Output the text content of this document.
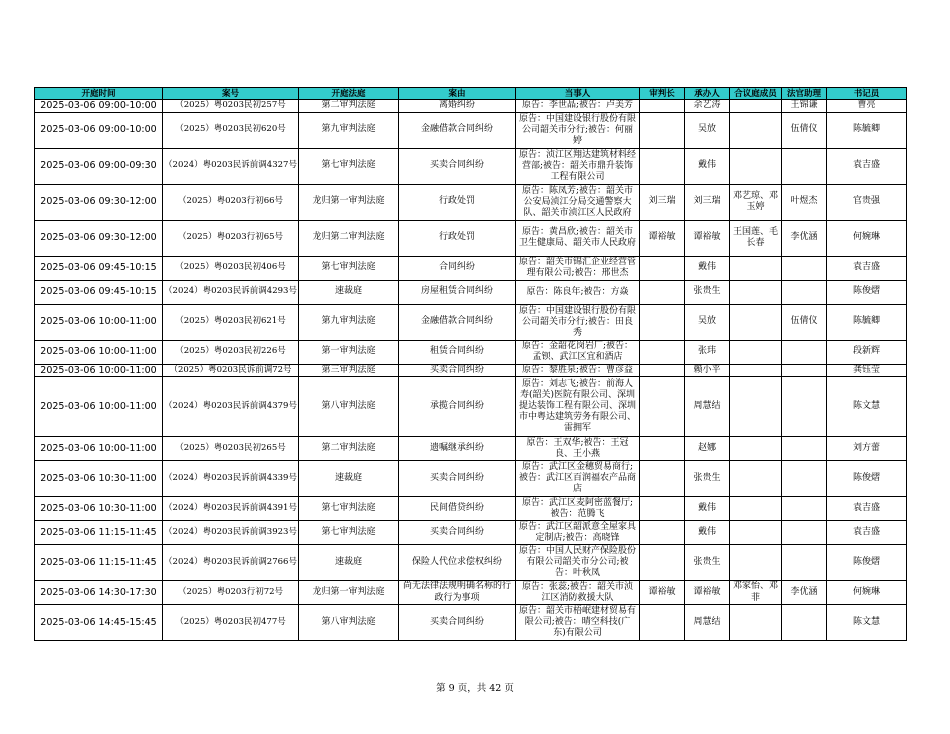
开庭时间	案号	开庭法庭	案由	当事人	审判长	承办人	合议庭成员	法官助理	书记员
2025-03-06 09:00-10:00	（2025）粤0203民初257号	第二审判法庭	离婚纠纷	原告：李世晶;被告：卢美芳		余艺涛		王锦谦	曹亮
2025-03-06 09:00-10:00	（2025）粤0203民初620号	第九审判法庭	金融借款合同纠纷	原告：中国建设银行股份有限公司韶关市分行;被告：何丽婷		吴放		伍倩仪	陈毓卿
2025-03-06 09:00-09:30	（2024）粤0203民诉前调4327号	第七审判法庭	买卖合同纠纷	原告：浈江区翔达建筑材料经营部;被告：韶关市鼎升装饰工程有限公司		戴伟			袁吉盛
2025-03-06 09:30-12:00	（2025）粤0203行初66号	龙归第一审判法庭	行政处罚	原告：陈凤芳;被告：韶关市公安局浈江分局交通警察大队、韶关市浈江区人民政府	刘三瑞	刘三瑞	邓艺琼、邓玉婷	叶煜杰	官贵强
2025-03-06 09:30-12:00	（2025）粤0203行初65号	龙归第二审判法庭	行政处罚	原告：黄昌欣;被告：韶关市卫生健康局、韶关市人民政府	谭裕敏	谭裕敏	王国莲、毛长春	李优涵	何婉琳
2025-03-06 09:45-10:15	（2025）粤0203民初406号	第七审判法庭	合同纠纷	原告：韶关市锦汇企业经营管理有限公司;被告：邢世杰		戴伟			袁吉盛
2025-03-06 09:45-10:15	（2024）粤0203民诉前调4293号	速裁庭	房屋租赁合同纠纷	原告：陈良年;被告：方焱		张贵生			陈俊熠
2025-03-06 10:00-11:00	（2025）粤0203民初621号	第九审判法庭	金融借款合同纠纷	原告：中国建设银行股份有限公司韶关市分行;被告：田良秀		吴放		伍倩仪	陈毓卿
2025-03-06 10:00-11:00	（2025）粤0203民初226号	第一审判法庭	租赁合同纠纷	原告：金韶花岗岩厂;被告：孟钡、武江区宜和酒店		张玮			段新辉
2025-03-06 10:00-11:00	（2025）粤0203民诉前调72号	第三审判法庭	买卖合同纠纷	原告：黎胜泉;被告：曹彦益		赖小平			龚钰莹
2025-03-06 10:00-11:00	（2024）粤0203民诉前调4379号	第八审判法庭	承揽合同纠纷	原告：刘志飞;被告：前海人寿(韶关)医院有限公司、深圳提达装饰工程有限公司、深圳市中粤达建筑劳务有限公司、雷拥军		周慧结			陈文慧
2025-03-06 10:00-11:00	（2025）粤0203民初265号	第二审判法庭	遗嘱继承纠纷	原告：王双华;被告：王冠良、王小燕		赵娜			刘方蕾
2025-03-06 10:30-11:00	（2024）粤0203民诉前调4339号	速裁庭	买卖合同纠纷	原告：武江区金穗贸易商行;被告：武江区百润福农产品商店		张贵生			陈俊熠
2025-03-06 10:30-11:00	（2024）粤0203民诉前调4391号	第七审判法庭	民间借贷纠纷	原告：武江区麦阿密蓝餐厅;被告：范腾飞		戴伟			袁吉盛
2025-03-06 11:15-11:45	（2024）粤0203民诉前调3923号	第七审判法庭	买卖合同纠纷	原告：武江区韶派意全屋家具定制店;被告：高晓锋		戴伟			袁吉盛
2025-03-06 11:15-11:45	（2024）粤0203民诉前调2766号	速裁庭	保险人代位求偿权纠纷	原告：中国人民财产保险股份有限公司韶关市分公司;被告：叶秋凤		张贵生			陈俊熠
2025-03-06 14:30-17:30	（2025）粤0203行初72号	龙归第一审判法庭	尚无法律法规明确名称的行政行为事项	原告：张蕊;被告：韶关市浈江区消防救援大队	谭裕敏	谭裕敏	邓家怡、邓菲	李优涵	何婉琳
2025-03-06 14:45-15:45	（2025）粤0203民初477号	第八审判法庭	买卖合同纠纷	原告：韶关市梧岷建材贸易有限公司;被告：晴空科技(广东)有限公司		周慧结			陈文慧
第 9 页，共 42 页
